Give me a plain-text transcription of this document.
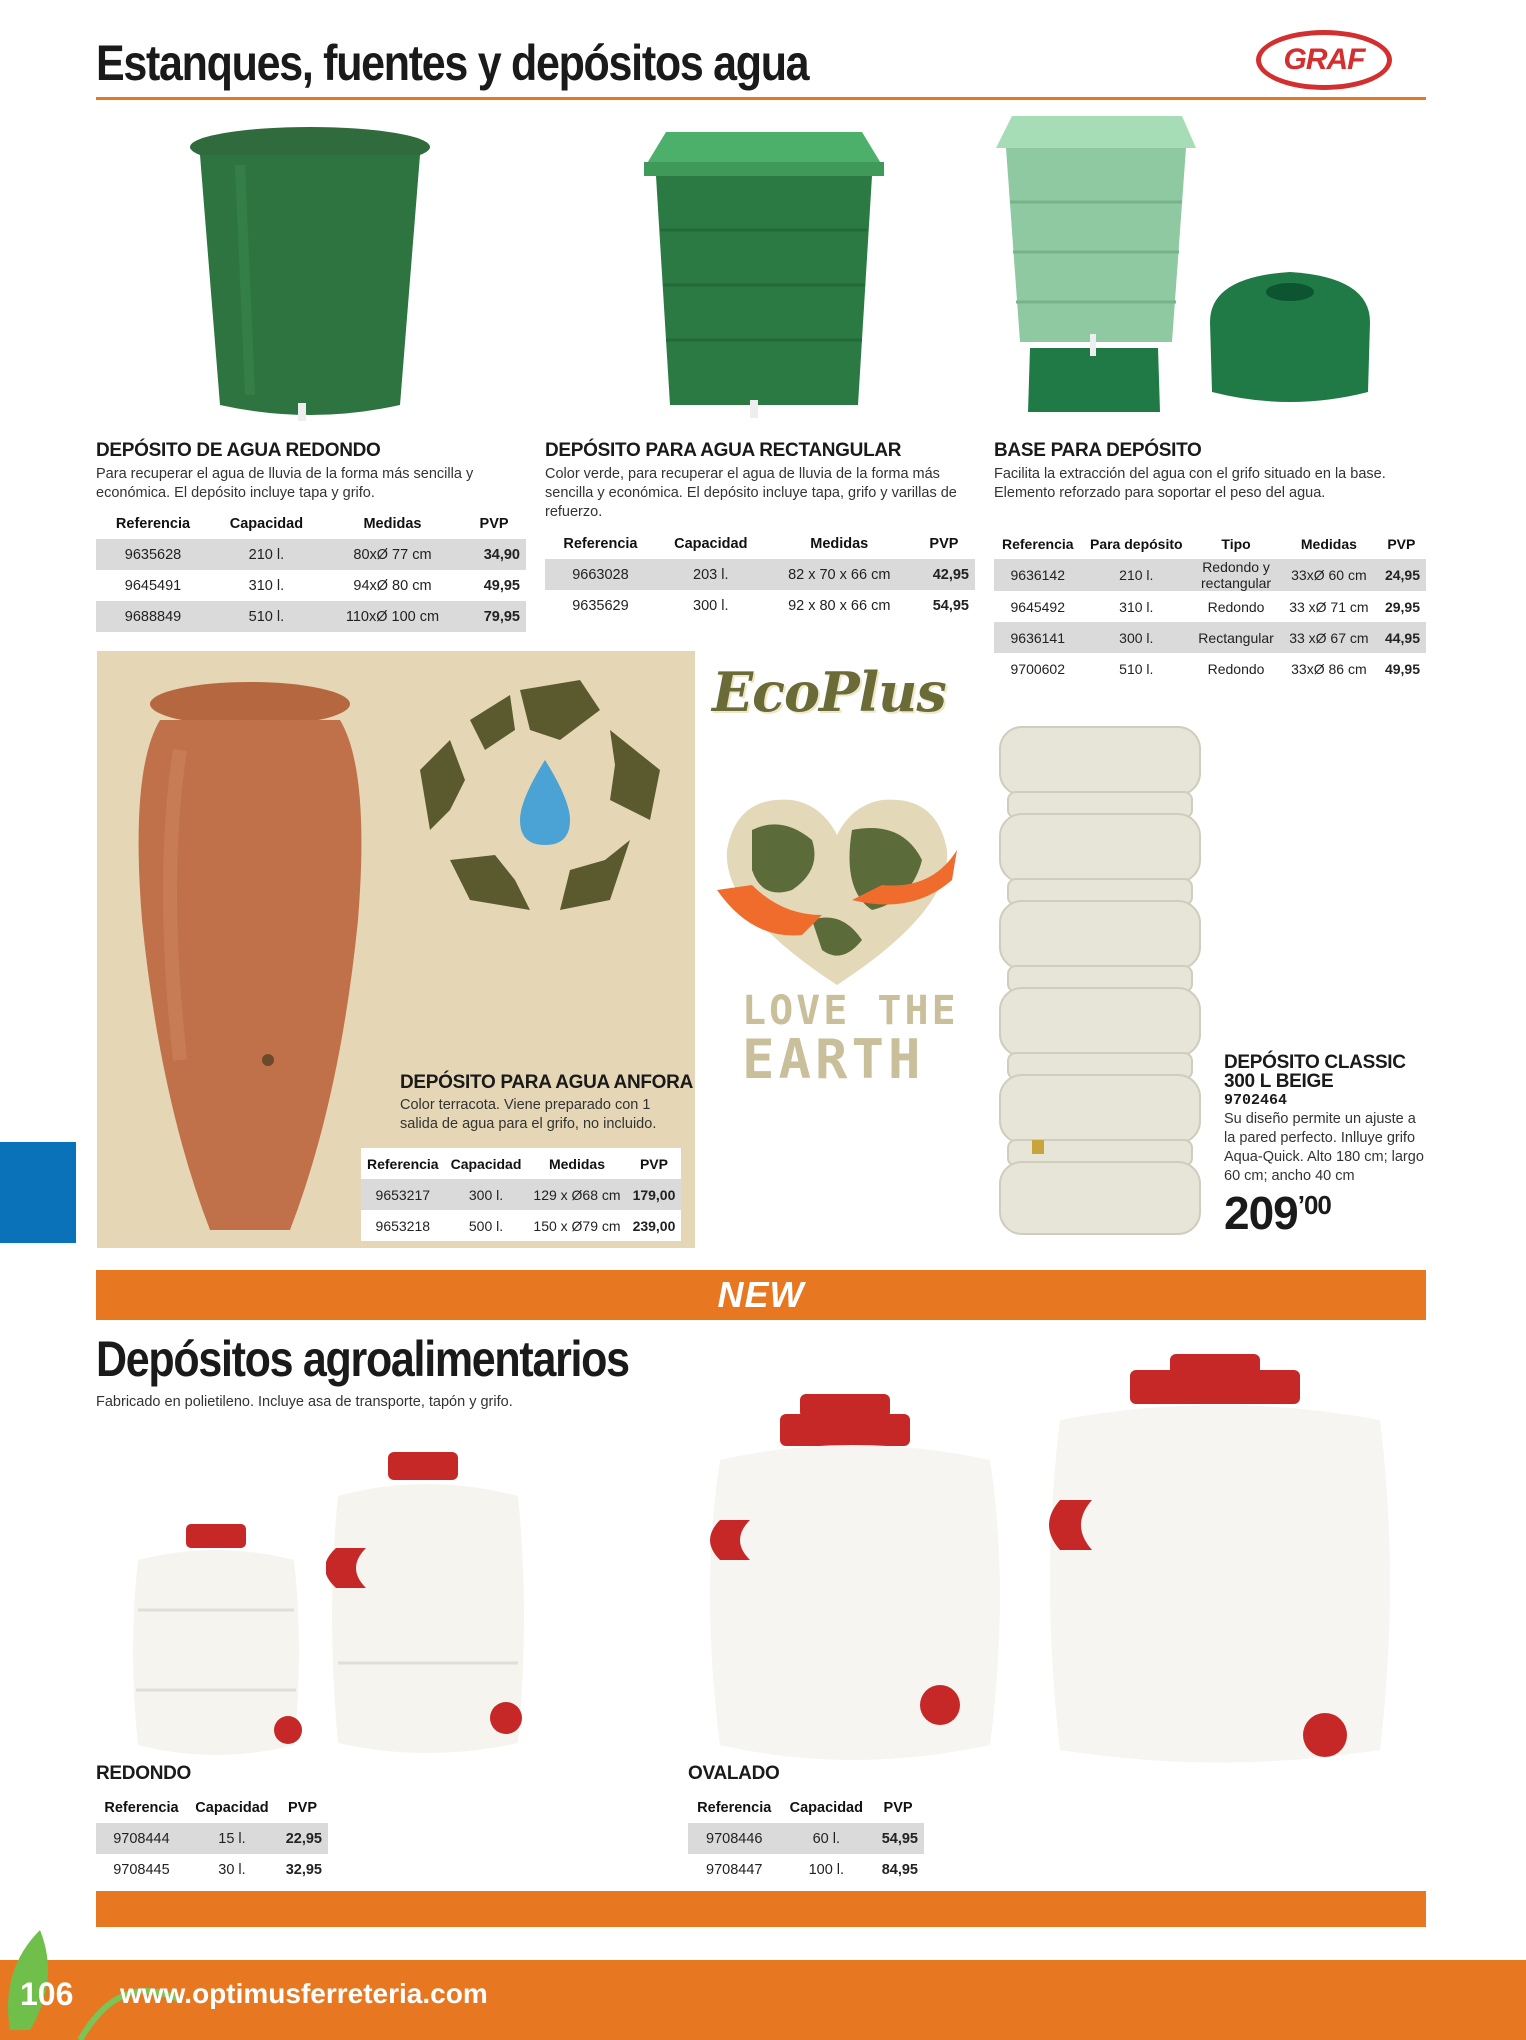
Estanques, fuentes y depósitos agua	GRAF
DEPÓSITO DE AGUA REDONDO
Para recuperar el agua de lluvia de la forma más sencilla y económica. El depósito incluye tapa y grifo.
Referencia	Capacidad	Medidas	PVP
9635628	210 l.	80xØ 77 cm	34,90
9645491	310 l.	94xØ 80 cm	49,95
9688849	510 l.	110xØ 100 cm	79,95
DEPÓSITO PARA AGUA RECTANGULAR
Color verde, para recuperar el agua de lluvia de la forma más sencilla y económica. El depósito incluye tapa, grifo y varillas de refuerzo.
Referencia	Capacidad	Medidas	PVP
9663028	203 l.	82 x 70 x 66 cm	42,95
9635629	300 l.	92 x 80 x 66 cm	54,95
BASE PARA DEPÓSITO
Facilita la extracción del agua con el grifo situado en la base. Elemento reforzado para soportar el peso del agua.
Referencia	Para depósito	Tipo	Medidas	PVP
9636142	210 l.	Redondo y rectangular	33xØ 60 cm	24,95
9645492	310 l.	Redondo	33 xØ 71 cm	29,95
9636141	300 l.	Rectangular	33 xØ 67 cm	44,95
9700602	510 l.	Redondo	33xØ 86 cm	49,95
DEPÓSITO PARA AGUA ANFORA
Color terracota. Viene preparado con 1 salida de agua para el grifo, no incluido.
Referencia	Capacidad	Medidas	PVP
9653217	300 l.	129 x Ø68 cm	179,00
9653218	500 l.	150 x Ø79 cm	239,00
EcoPlus
LOVE THE
EARTH	DEPÓSITO CLASSIC
300 L BEIGE
9702464
Su diseño permite un ajuste a la pared perfecto. Inlluye grifo Aqua-Quick. Alto 180 cm; largo 60 cm; ancho 40 cm
$209^{’00}$
NEW
Depósitos agroalimentarios
Fabricado en polietileno. Incluye asa de transporte, tapón y grifo.
REDONDO
Referencia	Capacidad	PVP
9708444	15 l.	22,95
9708445	30 l.	32,95
OVALADO
Referencia	Capacidad	PVP
9708446	60 l.	54,95
9708447	100 l.	84,95
106 www.optimusferreteria.com
